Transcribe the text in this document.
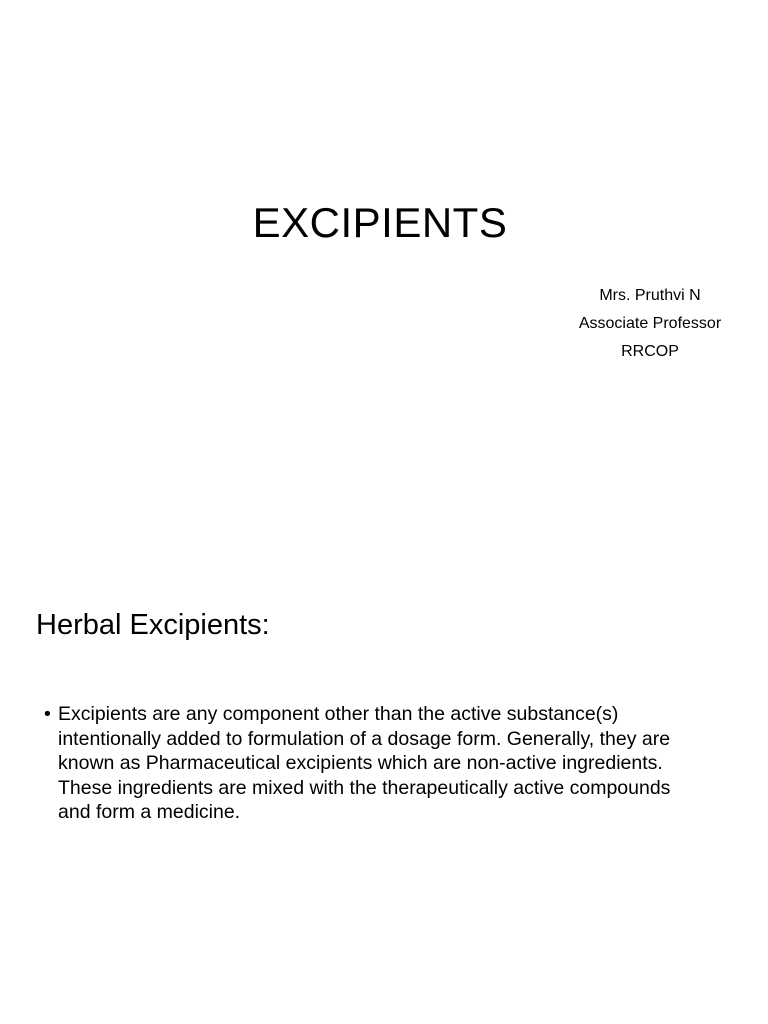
EXCIPIENTS
Mrs. Pruthvi N
Associate Professor
RRCOP
Herbal Excipients:
• Excipients are any component other than the active substance(s) intentionally added to formulation of a dosage form. Generally, they are known as Pharmaceutical excipients which are non-active ingredients. These ingredients are mixed with the therapeutically active compounds and form a medicine.
